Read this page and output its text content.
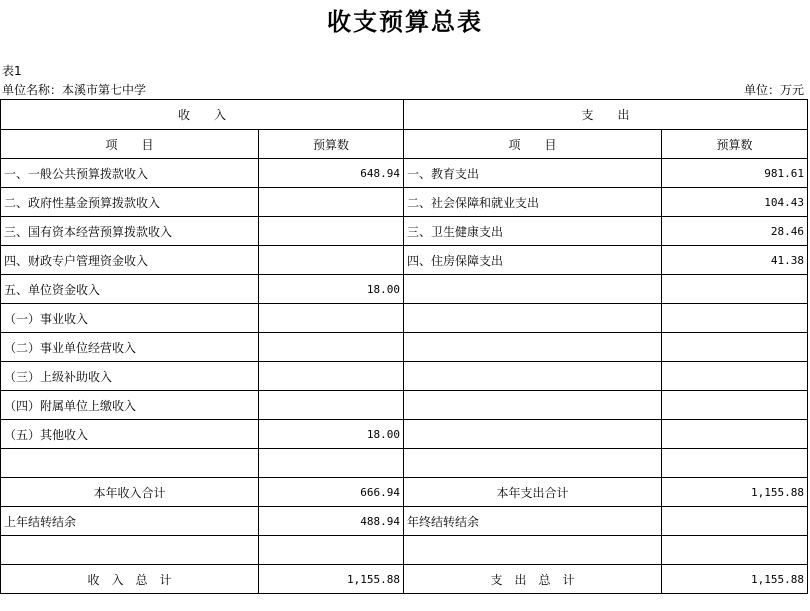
收支预算总表
表1
单位名称：本溪市第七中学	单位：万元
收　　入		支　　出	
项　　目	预算数	项　　目	预算数
一、一般公共预算拨款收入	648.94	一、教育支出	981.61
二、政府性基金预算拨款收入		二、社会保障和就业支出	104.43
三、国有资本经营预算拨款收入		三、卫生健康支出	28.46
四、财政专户管理资金收入		四、住房保障支出	41.38
五、单位资金收入	18.00		
（一）事业收入			
（二）事业单位经营收入			
（三）上级补助收入			
（四）附属单位上缴收入			
（五）其他收入	18.00		

本年收入合计	666.94	本年支出合计	1,155.88
上年结转结余	488.94	年终结转结余	

收　入　总　计	1,155.88	支　出　总　计	1,155.88
